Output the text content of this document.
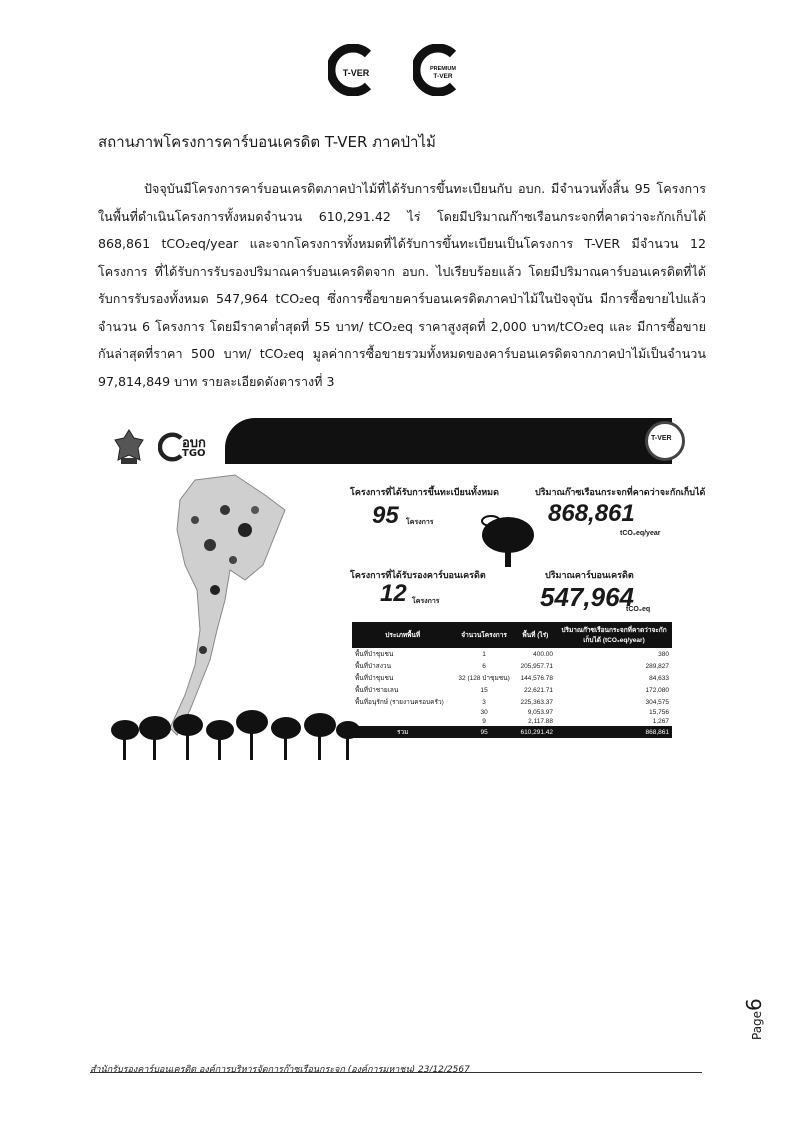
T-VER	PREMIUM
T-VER
สถานภาพโครงการคาร์บอนเครดิต T-VER ภาคป่าไม้
ปัจจุบันมีโครงการคาร์บอนเครดิตภาคป่าไม้ที่ได้รับการขึ้นทะเบียนกับ อบก. มีจำนวนทั้งสิ้น 95 โครงการ ในพื้นที่ดำเนินโครงการทั้งหมดจำนวน 610,291.42 ไร่ โดยมีปริมาณก๊าซเรือนกระจกที่คาดว่าจะกักเก็บได้ 868,861 tCO₂eq/year และจากโครงการทั้งหมดที่ได้รับการขึ้นทะเบียนเป็นโครงการ T-VER มีจำนวน 12 โครงการ ที่ได้รับการรับรองปริมาณคาร์บอนเครดิตจาก อบก. ไปเรียบร้อยแล้ว โดยมีปริมาณคาร์บอนเครดิตที่ได้รับการรับรองทั้งหมด 547,964 tCO₂eq ซึ่งการซื้อขายคาร์บอนเครดิตภาคป่าไม้ในปัจจุบัน มีการซื้อขายไปแล้ว จำนวน 6 โครงการ โดยมีราคาต่ำสุดที่ 55 บาท/ tCO₂eq ราคาสูงสุดที่ 2,000 บาท/tCO₂eq และ มีการซื้อขายกันล่าสุดที่ราคา 500 บาท/ tCO₂eq มูลค่าการซื้อขายรวมทั้งหมดของคาร์บอนเครดิตจากภาคป่าไม้เป็นจำนวน 97,814,849 บาท รายละเอียดดังตารางที่ 3
อบก
TGO
T-VER
โครงการที่ได้รับการขึ้นทะเบียนทั้งหมด
95 โครงการ
ปริมาณก๊าซเรือนกระจกที่คาดว่าจะกักเก็บได้
868,861
tCO₂eq/year
โครงการที่ได้รับรองคาร์บอนเครดิต
12 โครงการ
ปริมาณคาร์บอนเครดิต
547,964
tCO₂eq
ประเภทพื้นที่	จำนวนโครงการ	พื้นที่ (ไร่)	ปริมาณก๊าซเรือนกระจกที่คาดว่าจะกักเก็บได้ (tCO₂eq/year)
พื้นที่ป่าชุมชน	1	400.00	380
พื้นที่ป่าสงวน	6	205,957.71	289,827
พื้นที่ป่าชุมชน	32 (128 ป่าชุมชน)	144,576.78	84,633
พื้นที่ป่าชายเลน	15	22,621.71	172,080
พื้นที่อนุรักษ์ (รายงานครอบครัว)	3	225,363.37	304,575
	30	9,053.97	15,756
	9	2,117.88	1,267
รวม	95	610,291.42	868,861
Page6
สำนักรับรองคาร์บอนเครดิต องค์การบริหารจัดการก๊าซเรือนกระจก (องค์การมหาชน) 23/12/2567
